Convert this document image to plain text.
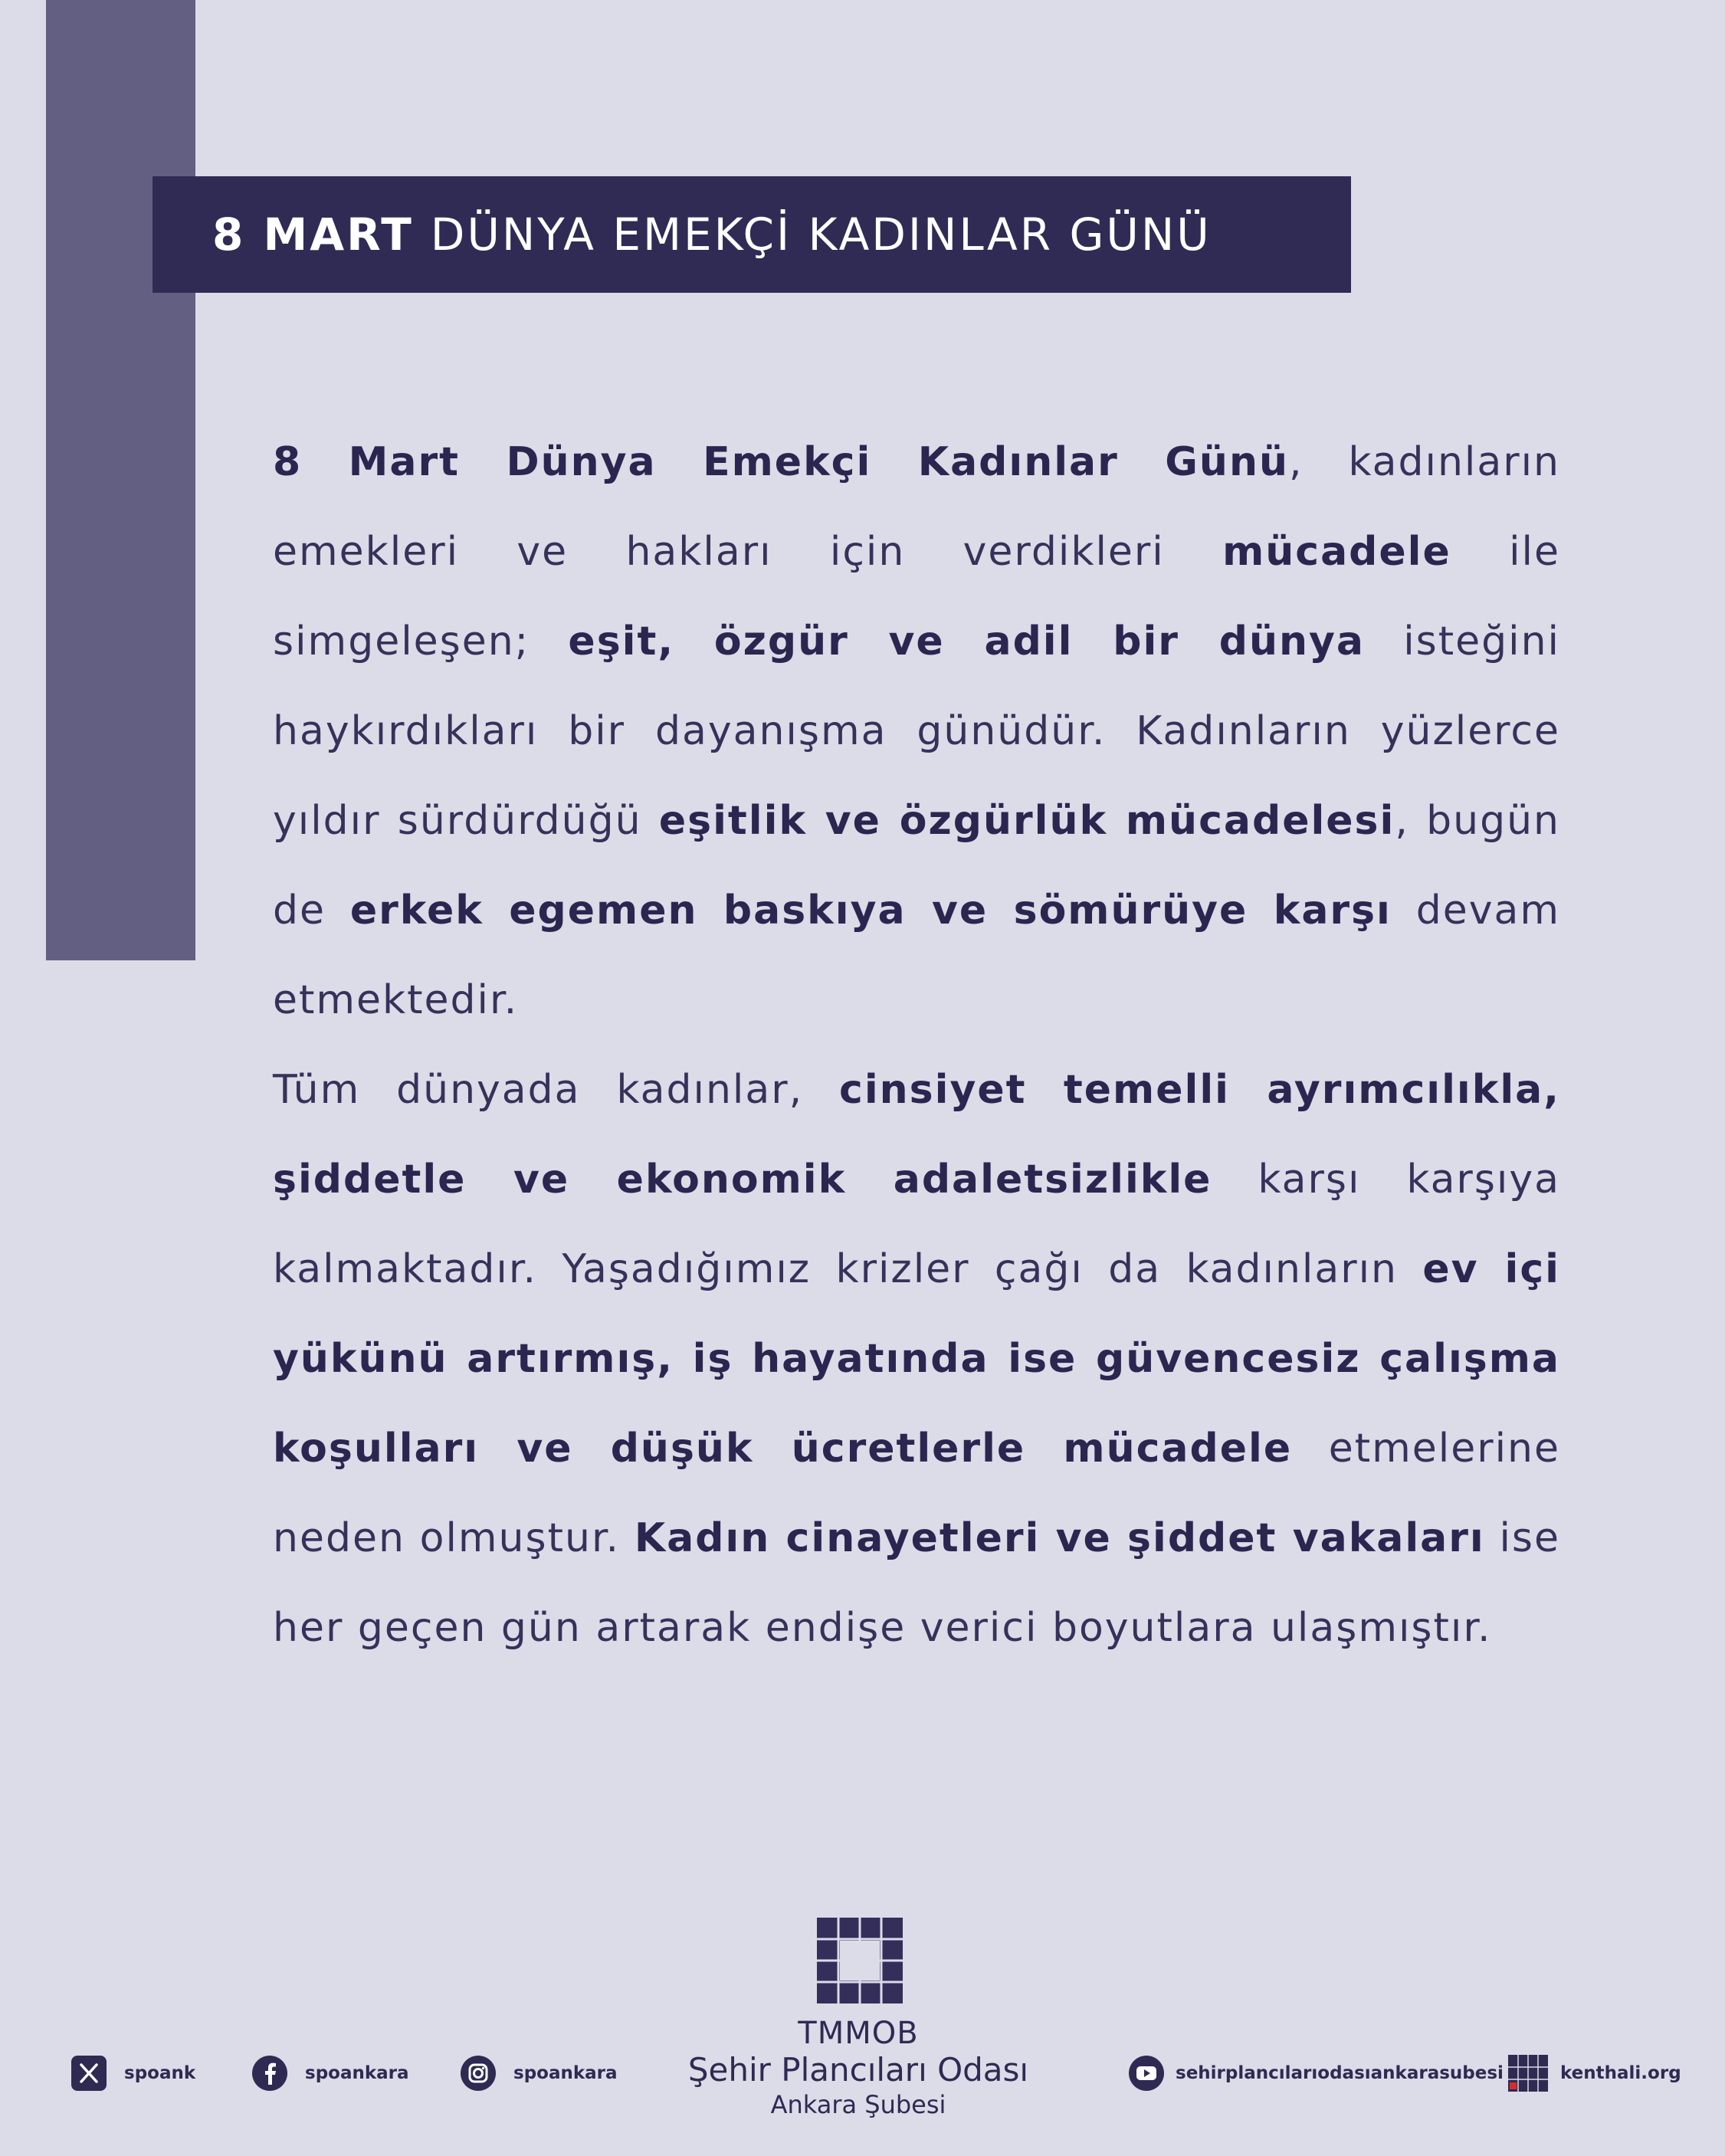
8 MART DÜNYA EMEKÇİ KADINLAR GÜNÜ

8 Mart Dünya Emekçi Kadınlar Günü, kadınların emekleri ve hakları için verdikleri mücadele ile simgeleşen; eşit, özgür ve adil bir dünya isteğini haykırdıkları bir dayanışma günüdür. Kadınların yüzlerce yıldır sürdürdüğü eşitlik ve özgürlük mücadelesi, bugün de erkek egemen baskıya ve sömürüye karşı devam etmektedir.

Tüm dünyada kadınlar, cinsiyet temelli ayrımcılıkla, şiddetle ve ekonomik adaletsizlikle karşı karşıya kalmaktadır. Yaşadığımız krizler çağı da kadınların ev içi yükünü artırmış, iş hayatında ise güvencesiz çalışma koşulları ve düşük ücretlerle mücadele etmelerine neden olmuştur. Kadın cinayetleri ve şiddet vakaları ise her geçen gün artarak endişe verici boyutlara ulaşmıştır.

TMMOB
Şehir Plancıları Odası
Ankara Şubesi
spoank	spoankara	spoankara	sehirplancılarıodasıankarasubesi	kenthali.org
